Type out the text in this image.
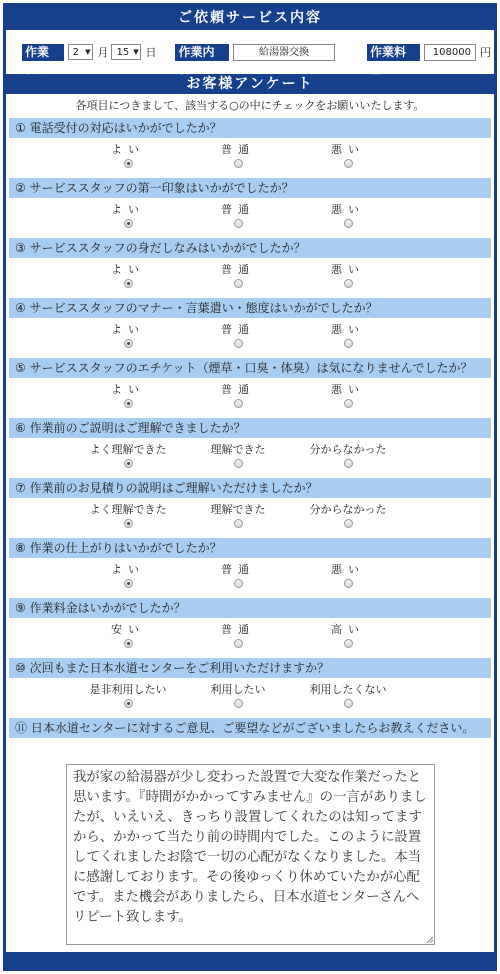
ご依頼サービス内容
作業日
2 ▼ 月 15 ▼ 日 作業内容
給湯器交換	作業料金
108000 円
お客様アンケート
各項目につきまして、該当する○の中にチェックをお願いいたします。
① 電話受付の対応はいかがでしたか？
よい	普通	悪い
② サービススタッフの第一印象はいかがでしたか？
よい	普通	悪い
③ サービススタッフの身だしなみはいかがでしたか？
よい	普通	悪い
④ サービススタッフのマナー・言葉遣い・態度はいかがでしたか？
よい	普通	悪い
⑤ サービススタッフのエチケット（煙草・口臭・体臭）は気になりませんでしたか？
よい	普通	悪い
⑥ 作業前のご説明はご理解できましたか？
よく理解できた	理解できた	分からなかった
⑦ 作業前のお見積りの説明はご理解いただけましたか？
よく理解できた	理解できた	分からなかった
⑧ 作業の仕上がりはいかがでしたか？
よい	普通	悪い
⑨ 作業料金はいかがでしたか？
安い	普通	高い
⑩ 次回もまた日本水道センターをご利用いただけますか？
是非利用したい	利用したい	利用したくない
⑪ 日本水道センターに対するご意見、ご要望などがございましたらお教えください。
我が家の給湯器が少し変わった設置で大変な作業だったと思います。『時間がかかってすみません』の一言がありましたが、いえいえ、きっちり設置してくれたのは知ってますから、かかって当たり前の時間内でした。このように設置してくれましたお陰で一切の心配がなくなりました。本当に感謝しております。その後ゆっくり休めていたかが心配です。また機会がありましたら、日本水道センターさんへリピート致します。
